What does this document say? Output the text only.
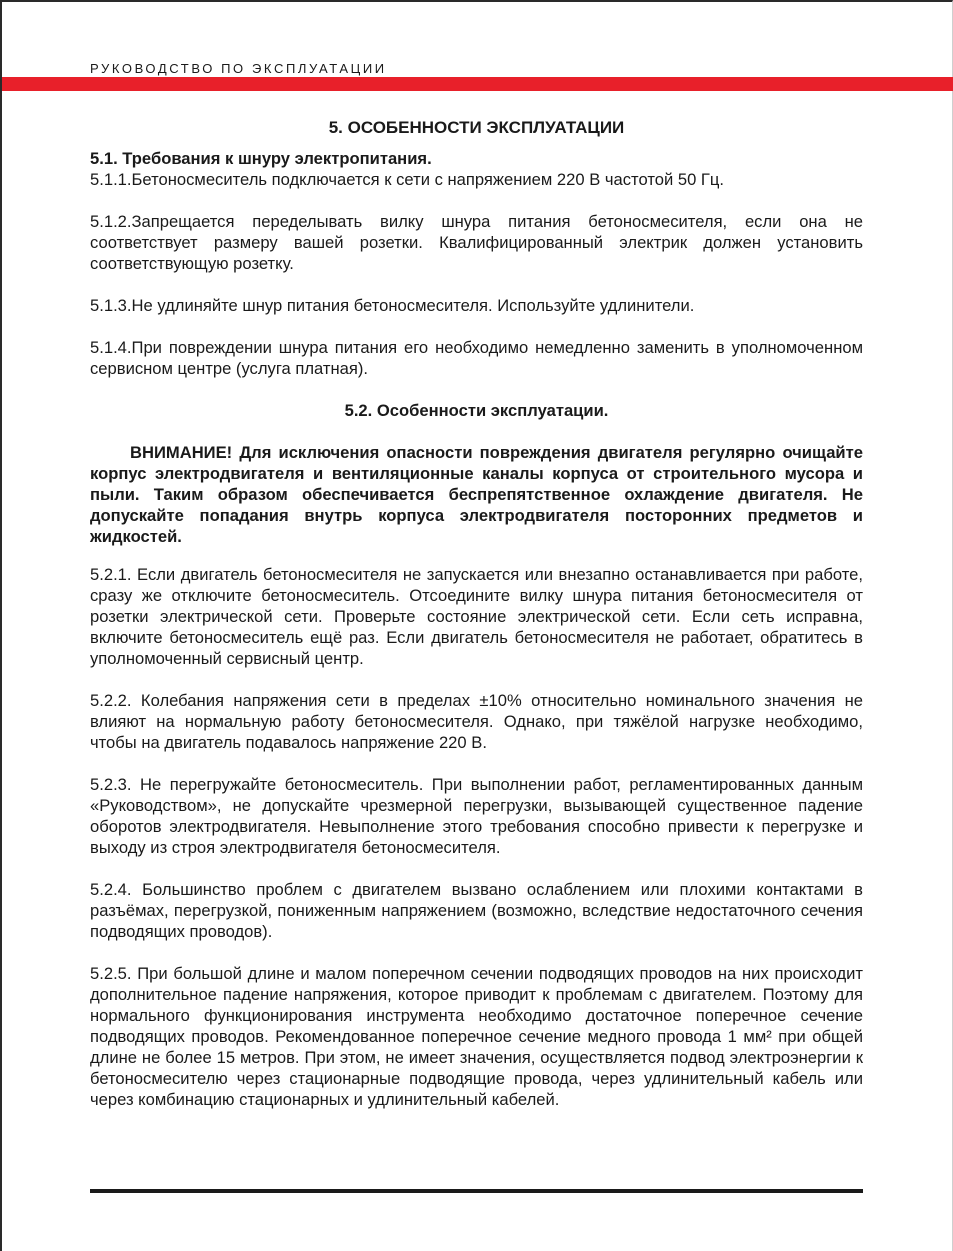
РУКОВОДСТВО ПО ЭКСПЛУАТАЦИИ
5. ОСОБЕННОСТИ ЭКСПЛУАТАЦИИ
5.1. Требования к шнуру электропитания.

5.1.1.Бетоносмеситель подключается к сети с напряжением 220 В частотой 50 Гц.

5.1.2.Запрещается переделывать вилку шнура питания бетоносмесителя, если она не соответствует размеру вашей розетки. Квалифицированный электрик должен установить соответствующую розетку.

5.1.3.Не удлиняйте шнур питания бетоносмесителя. Используйте удлинители.

5.1.4.При повреждении шнура питания его необходимо немедленно заменить в уполномоченном сервисном центре (услуга платная).

5.2. Особенности эксплуатации.

ВНИМАНИЕ! Для исключения опасности повреждения двигателя регулярно очищайте корпус электродвигателя и вентиляционные каналы корпуса от строительного мусора и пыли. Таким образом обеспечивается беспрепятственное охлаждение двигателя. Не допускайте попадания внутрь корпуса электродвигателя посторонних предметов и жидкостей.

5.2.1. Если двигатель бетоносмесителя не запускается или внезапно останавливается при работе, сразу же отключите бетоносмеситель. Отсоедините вилку шнура питания бетоносмесителя от розетки электрической сети. Проверьте состояние электрической сети. Если сеть исправна, включите бетоносмеситель ещё раз. Если двигатель бетоносмесителя не работает, обратитесь в уполномоченный сервисный центр.

5.2.2. Колебания напряжения сети в пределах ±10% относительно номинального значения не влияют на нормальную работу бетоносмесителя. Однако, при тяжёлой нагрузке необходимо, чтобы на двигатель подавалось напряжение 220 В.

5.2.3. Не перегружайте бетоносмеситель. При выполнении работ, регламентированных данным «Руководством», не допускайте чрезмерной перегрузки, вызывающей существенное падение оборотов электродвигателя. Невыполнение этого требования способно привести к перегрузке и выходу из строя электродвигателя бетоносмесителя.

5.2.4. Большинство проблем с двигателем вызвано ослаблением или плохими контактами в разъёмах, перегрузкой, пониженным напряжением (возможно, вследствие недостаточного сечения подводящих проводов).

5.2.5. При большой длине и малом поперечном сечении подводящих проводов на них происходит дополнительное падение напряжения, которое приводит к проблемам с двигателем. Поэтому для нормального функционирования инструмента необходимо достаточное поперечное сечение подводящих проводов. Рекомендованное поперечное сечение медного провода 1 мм² при общей длине не более 15 метров. При этом, не имеет значения, осуществляется подвод электроэнергии к бетоносмесителю через стационарные подводящие провода, через удлинительный кабель или через комбинацию стационарных и удлинительный кабелей.
